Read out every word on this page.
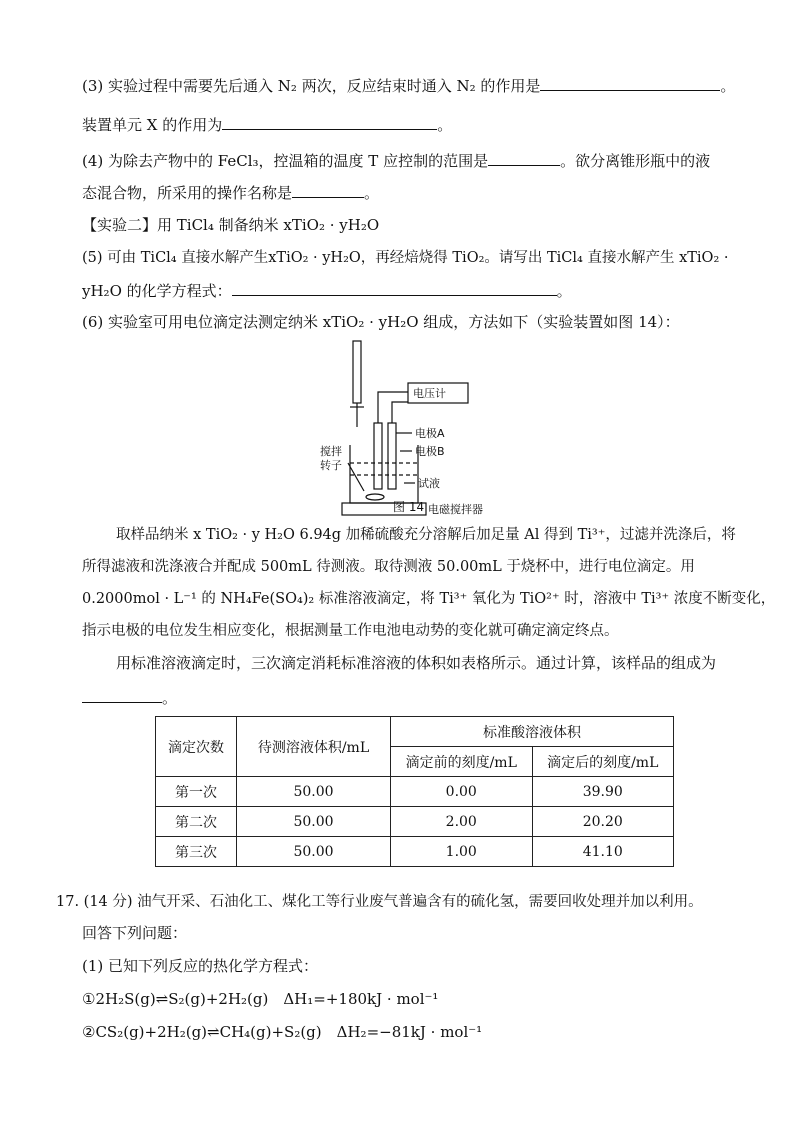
(3) 实验过程中需要先后通入 N₂ 两次，反应结束时通入 N₂ 的作用是	。
装置单元 X 的作用为	。
(4) 为除去产物中的 FeCl₃，控温箱的温度 T 应控制的范围是	。欲分离锥形瓶中的液
态混合物，所采用的操作名称是	。
【实验二】用 TiCl₄ 制备纳米 xTiO₂ · yH₂O
(5) 可由 TiCl₄ 直接水解产生xTiO₂ · yH₂O，再经焙烧得 TiO₂。请写出 TiCl₄ 直接水解产生 xTiO₂ ·
yH₂O 的化学方程式：	。
(6) 实验室可用电位滴定法测定纳米 xTiO₂ · yH₂O 组成，方法如下（实验装置如图 14）：
电压计
电极A
电极B
搅拌
转子
试液
电磁搅拌器
图 14
取样品纳米 x TiO₂ · y H₂O 6.94g 加稀硫酸充分溶解后加足量 Al 得到 Ti³⁺，过滤并洗涤后，将
所得滤液和洗涤液合并配成 500mL 待测液。取待测液 50.00mL 于烧杯中，进行电位滴定。用
0.2000mol · L⁻¹ 的 NH₄Fe(SO₄)₂ 标准溶液滴定，将 Ti³⁺ 氧化为 TiO²⁺ 时，溶液中 Ti³⁺ 浓度不断变化，
指示电极的电位发生相应变化，根据测量工作电池电动势的变化就可确定滴定终点。
用标准溶液滴定时，三次滴定消耗标准溶液的体积如表格所示。通过计算，该样品的组成为
。
滴定次数	待测溶液体积/mL	标准酸溶液体积	
		滴定前的刻度/mL	滴定后的刻度/mL
第一次	50.00	0.00	39.90
第二次	50.00	2.00	20.20
第三次	50.00	1.00	41.10
17. (14 分) 油气开采、石油化工、煤化工等行业废气普遍含有的硫化氢，需要回收处理并加以利用。
回答下列问题：
(1) 已知下列反应的热化学方程式：
①2H₂S(g)⇌S₂(g)+2H₂(g)　ΔH₁=+180kJ · mol⁻¹
②CS₂(g)+2H₂(g)⇌CH₄(g)+S₂(g)　ΔH₂=−81kJ · mol⁻¹
